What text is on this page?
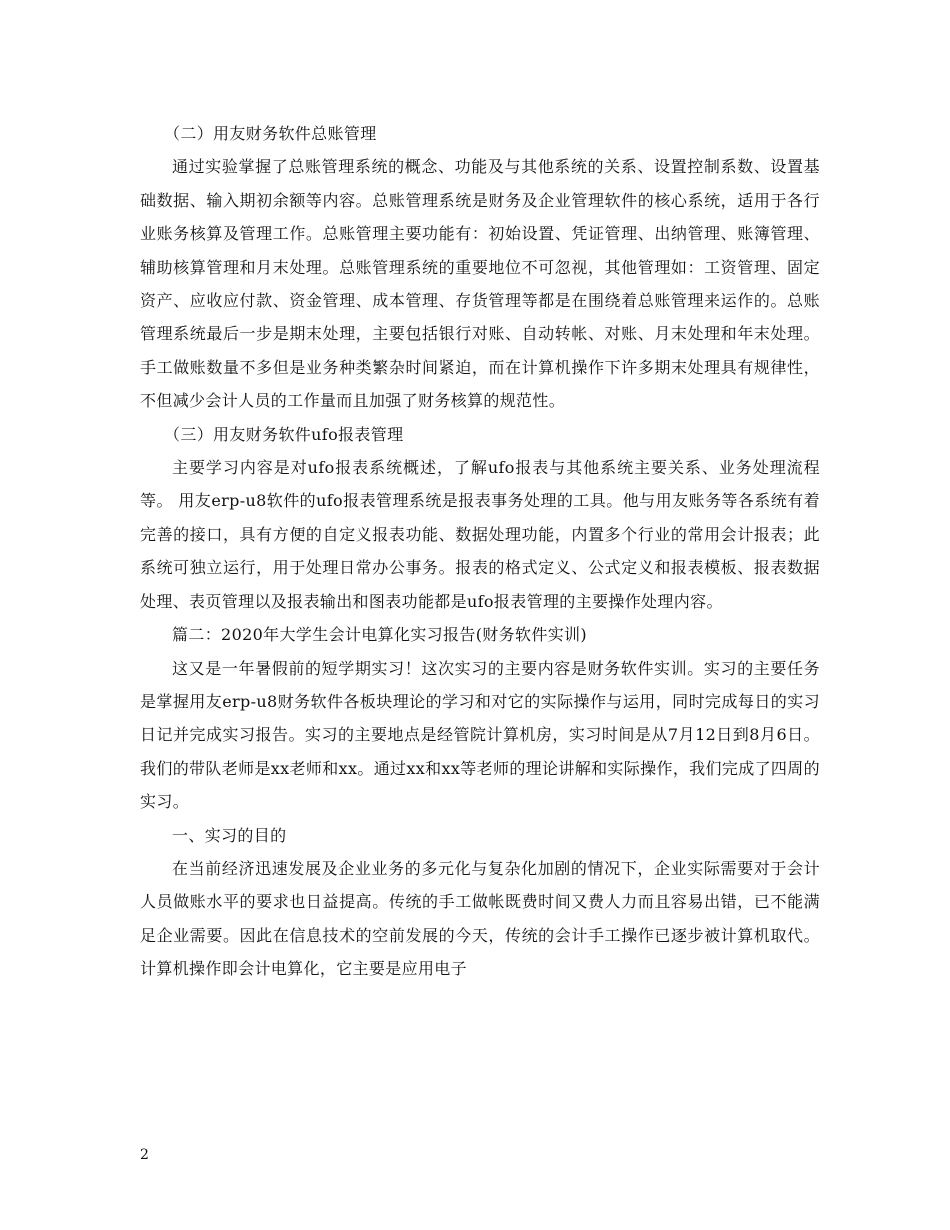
（二）用友财务软件总账管理

通过实验掌握了总账管理系统的概念、功能及与其他系统的关系、设置控制系数、设置基础数据、输入期初余额等内容。总账管理系统是财务及企业管理软件的核心系统，适用于各行业账务核算及管理工作。总账管理主要功能有：初始设置、凭证管理、出纳管理、账簿管理、辅助核算管理和月末处理。总账管理系统的重要地位不可忽视，其他管理如：工资管理、固定资产、应收应付款、资金管理、成本管理、存货管理等都是在围绕着总账管理来运作的。总账管理系统最后一步是期末处理，主要包括银行对账、自动转帐、对账、月末处理和年末处理。手工做账数量不多但是业务种类繁杂时间紧迫，而在计算机操作下许多期末处理具有规律性，不但减少会计人员的工作量而且加强了财务核算的规范性。

（三）用友财务软件ufo报表管理

主要学习内容是对ufo报表系统概述，了解ufo报表与其他系统主要关系、业务处理流程等。 用友erp-u8软件的ufo报表管理系统是报表事务处理的工具。他与用友账务等各系统有着完善的接口，具有方便的自定义报表功能、数据处理功能，内置多个行业的常用会计报表；此系统可独立运行，用于处理日常办公事务。报表的格式定义、公式定义和报表模板、报表数据处理、表页管理以及报表输出和图表功能都是ufo报表管理的主要操作处理内容。

篇二：2020年大学生会计电算化实习报告(财务软件实训)

这又是一年暑假前的短学期实习！这次实习的主要内容是财务软件实训。实习的主要任务是掌握用友erp-u8财务软件各板块理论的学习和对它的实际操作与运用，同时完成每日的实习日记并完成实习报告。实习的主要地点是经管院计算机房，实习时间是从7月12日到8月6日。我们的带队老师是xx老师和xx。通过xx和xx等老师的理论讲解和实际操作，我们完成了四周的实习。

一、实习的目的

在当前经济迅速发展及企业业务的多元化与复杂化加剧的情况下，企业实际需要对于会计人员做账水平的要求也日益提高。传统的手工做帐既费时间又费人力而且容易出错，已不能满足企业需要。因此在信息技术的空前发展的今天，传统的会计手工操作已逐步被计算机取代。计算机操作即会计电算化，它主要是应用电子

2
